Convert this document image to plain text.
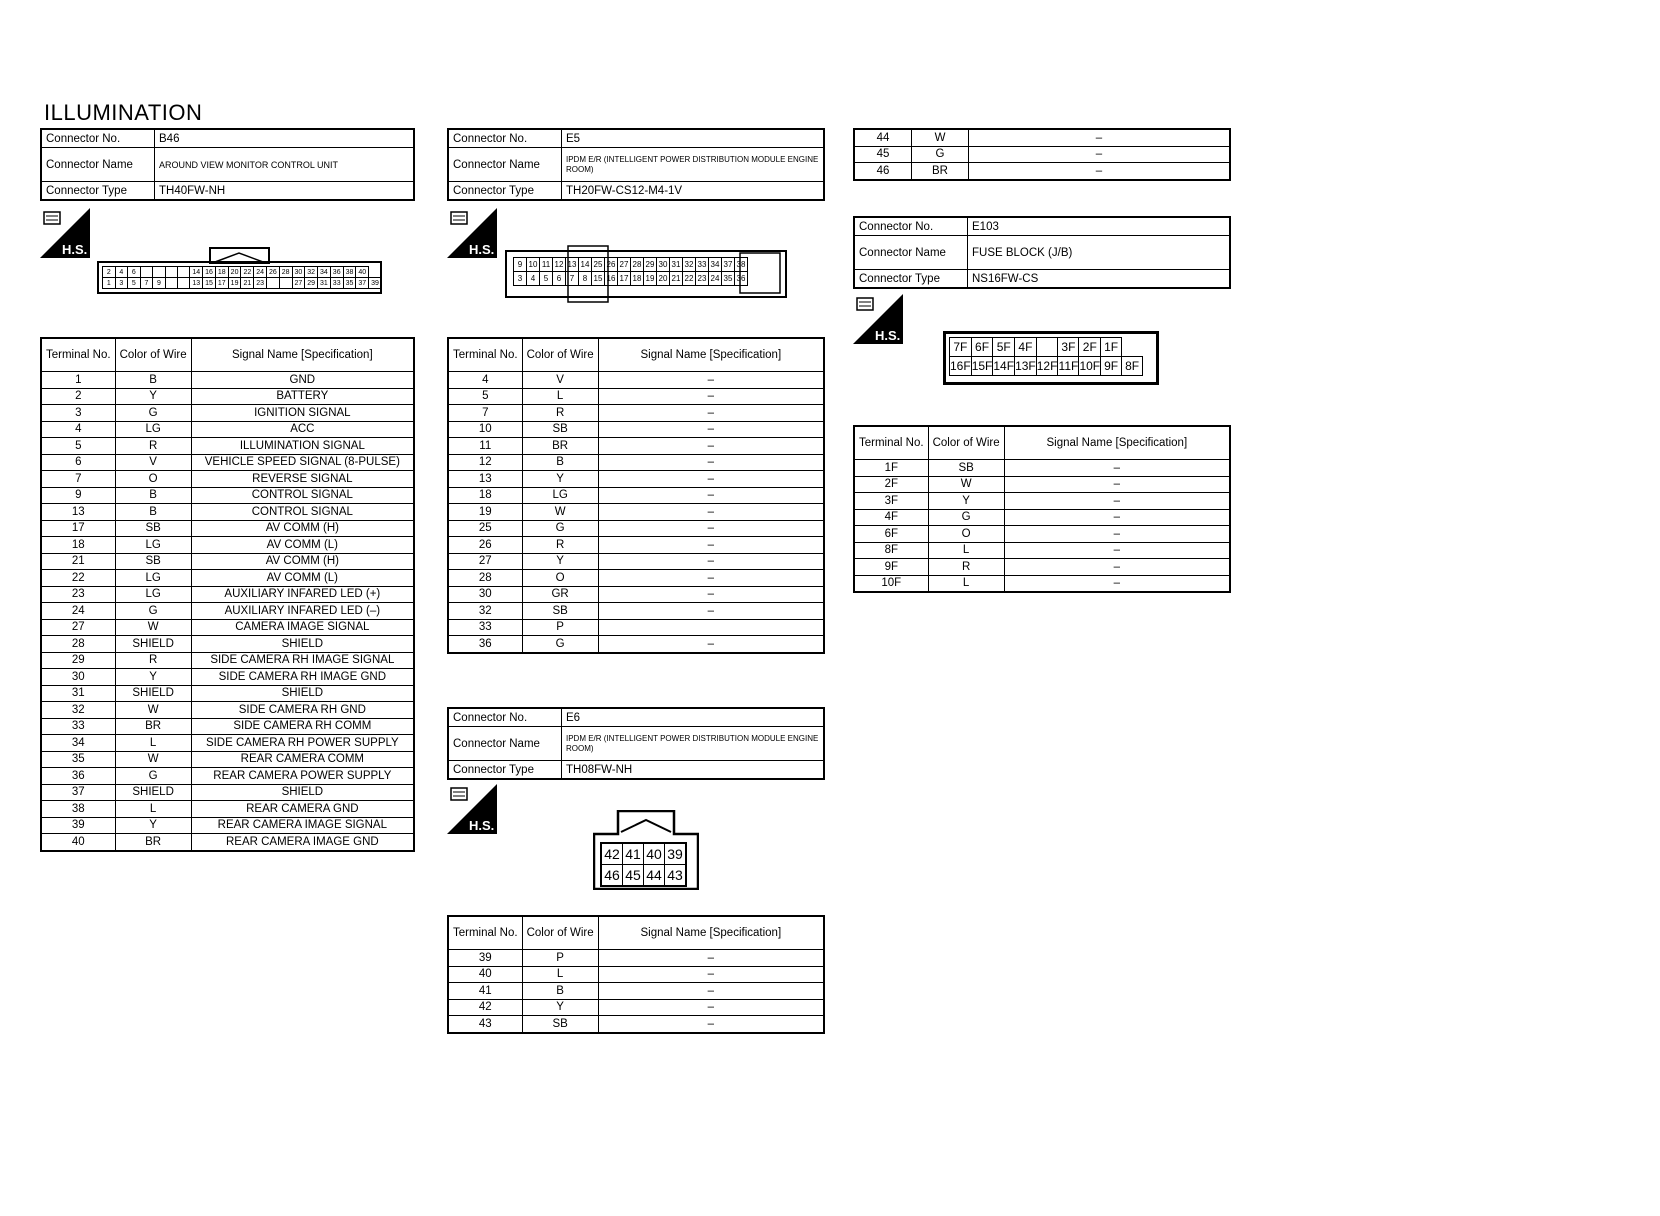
ILLUMINATION
Connector No.	B46
Connector Name	AROUND VIEW MONITOR CONTROL UNIT
Connector Type	TH40FW-NH
H.S.
2	4	6					14	16	18	20	22	24	26	28	30	32	34	36	38	40	
1	3	5	7	9			13	15	17	19	21	23			27	29	31	33	35	37	39
Terminal No.	Color of Wire	Signal Name [Specification]
1	B	GND
2	Y	BATTERY
3	G	IGNITION SIGNAL
4	LG	ACC
5	R	ILLUMINATION SIGNAL
6	V	VEHICLE SPEED SIGNAL (8-PULSE)
7	O	REVERSE SIGNAL
9	B	CONTROL SIGNAL
13	B	CONTROL SIGNAL
17	SB	AV COMM (H)
18	LG	AV COMM (L)
21	SB	AV COMM (H)
22	LG	AV COMM (L)
23	LG	AUXILIARY INFARED LED (+)
24	G	AUXILIARY INFARED LED (–)
27	W	CAMERA IMAGE SIGNAL
28	SHIELD	SHIELD
29	R	SIDE CAMERA RH IMAGE SIGNAL
30	Y	SIDE CAMERA RH IMAGE GND
31	SHIELD	SHIELD
32	W	SIDE CAMERA RH GND
33	BR	SIDE CAMERA RH COMM
34	L	SIDE CAMERA RH POWER SUPPLY
35	W	REAR CAMERA COMM
36	G	REAR CAMERA POWER SUPPLY
37	SHIELD	SHIELD
38	L	REAR CAMERA GND
39	Y	REAR CAMERA IMAGE SIGNAL
40	BR	REAR CAMERA IMAGE GND
Connector No.	E5
Connector Name	IPDM E/R (INTELLIGENT POWER DISTRIBUTION MODULE ENGINE ROOM)

Connector Type	TH20FW-CS12-M4-1V
H.S.
9	10	11	12	13	14	25	26	27	28	29	30	31	32	33	34	37	38
3	4	5	6	7	8	15	16	17	18	19	20	21	22	23	24	35	36
Terminal No.	Color of Wire	Signal Name [Specification]
4	V	–
5	L	–
7	R	–
10	SB	–
11	BR	–
12	B	–
13	Y	–
18	LG	–
19	W	–
25	G	–
26	R	–
27	Y	–
28	O	–
30	GR	–
32	SB	–
33	P	
36	G	–
Connector No.	E6
Connector Name	IPDM E/R (INTELLIGENT POWER DISTRIBUTION MODULE ENGINE ROOM)

Connector Type	TH08FW-NH
H.S.
42	41	40	39
46	45	44	43
Terminal No.	Color of Wire	Signal Name [Specification]
39	P	–
40	L	–
41	B	–
42	Y	–
43	SB	–
44	W	–
45	G	–
46	BR	–
Connector No.	E103
Connector Name	FUSE BLOCK (J/B)
Connector Type	NS16FW-CS
H.S.
7F	6F	5F	4F		3F	2F	1F	
16F	15F	14F	13F	12F	11F	10F	9F	8F
Terminal No.	Color of Wire	Signal Name [Specification]
1F	SB	–
2F	W	–
3F	Y	–
4F	G	–
6F	O	–
8F	L	–
9F	R	–
10F	L	–
